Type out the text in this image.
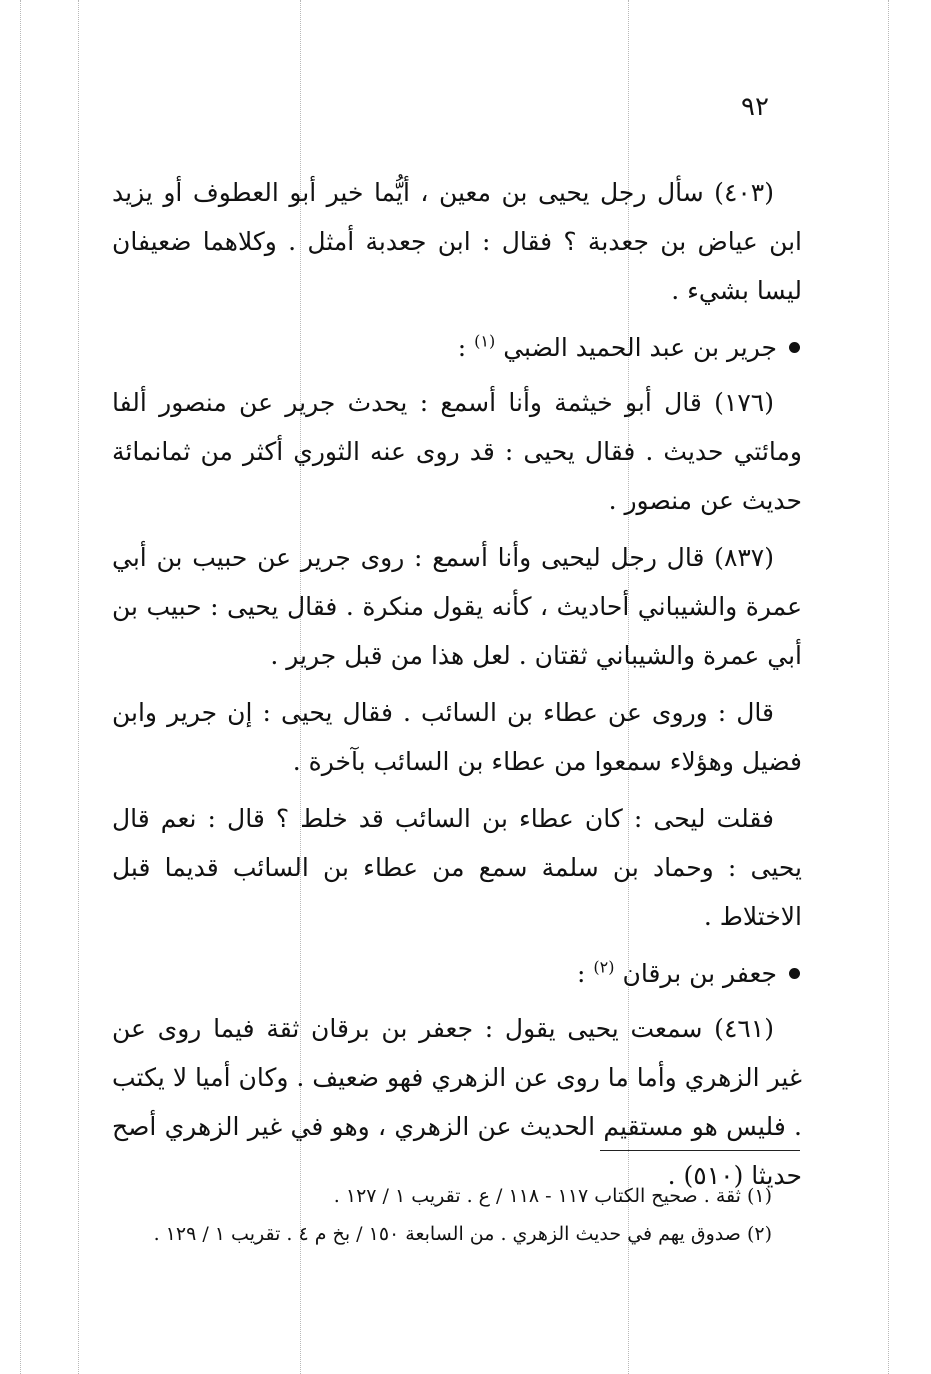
٩٢

(٤٠٣) سأل رجل يحيى بن معين ، أيُّما خير أبو العطوف أو يزيد ابن عياض بن جعدبة ؟ فقال : ابن جعدبة أمثل . وكلاهما ضعيفان ليسا بشيء .

جرير بن عبد الحميد الضبي $^{(١)}$ :

(١٧٦) قال أبو خيثمة وأنا أسمع : يحدث جرير عن منصور ألفا ومائتي حديث . فقال يحيى : قد روى عنه الثوري أكثر من ثمانمائة حديث عن منصور .

(٨٣٧) قال رجل ليحيى وأنا أسمع : روى جرير عن حبيب بن أبي عمرة والشيباني أحاديث ، كأنه يقول منكرة . فقال يحيى : حبيب بن أبي عمرة والشيباني ثقتان . لعل هذا من قبل جرير .

قال : وروى عن عطاء بن السائب . فقال يحيى : إن جرير وابن فضيل وهؤلاء سمعوا من عطاء بن السائب بآخرة .

فقلت ليحى : كان عطاء بن السائب قد خلط ؟ قال : نعم قال يحيى : وحماد بن سلمة سمع من عطاء بن السائب قديما قبل الاختلاط .

جعفر بن برقان $^{(٢)}$ :

(٤٦١) سمعت يحيى يقول : جعفر بن برقان ثقة فيما روى عن غير الزهري وأما ما روى عن الزهري فهو ضعيف . وكان أميا لا يكتب . فليس هو مستقيم الحديث عن الزهري ، وهو في غير الزهري أصح حديثا (٥١٠) .

(١) ثقة . صحيح الكتاب ١١٧ - ١١٨ / ع . تقريب ١ / ١٢٧ .

(٢) صدوق يهم في حديث الزهري . من السابعة ١٥٠ / بخ م ٤ . تقريب ١ / ١٢٩ .
